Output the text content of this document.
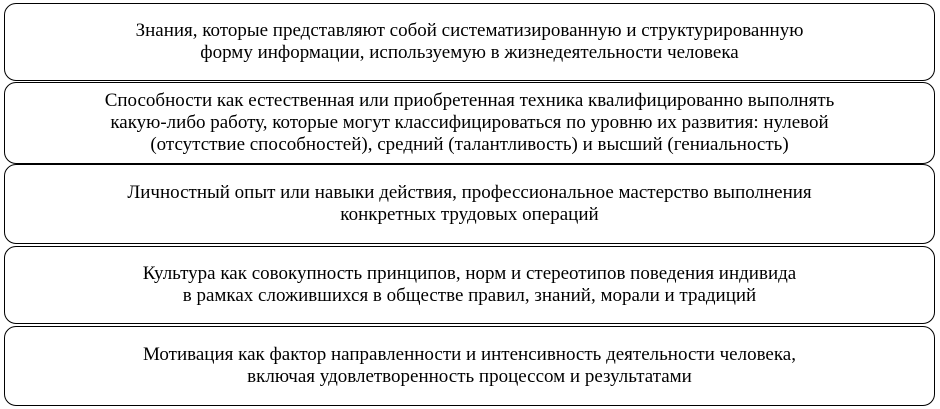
Знания, которые представляют собой систематизированную и структурированную
форму информации, используемую в жизнедеятельности человека
Способности как естественная или приобретенная техника квалифицированно выполнять
какую-либо работу, которые могут классифицироваться по уровню их развития: нулевой
(отсутствие способностей), средний (талантливость) и высший (гениальность)
Личностный опыт или навыки действия, профессиональное мастерство выполнения
конкретных трудовых операций
Культура как совокупность принципов, норм и стереотипов поведения индивида
в рамках сложившихся в обществе правил, знаний, морали и традиций
Мотивация как фактор направленности и интенсивность деятельности человека,
включая удовлетворенность процессом и результатами
